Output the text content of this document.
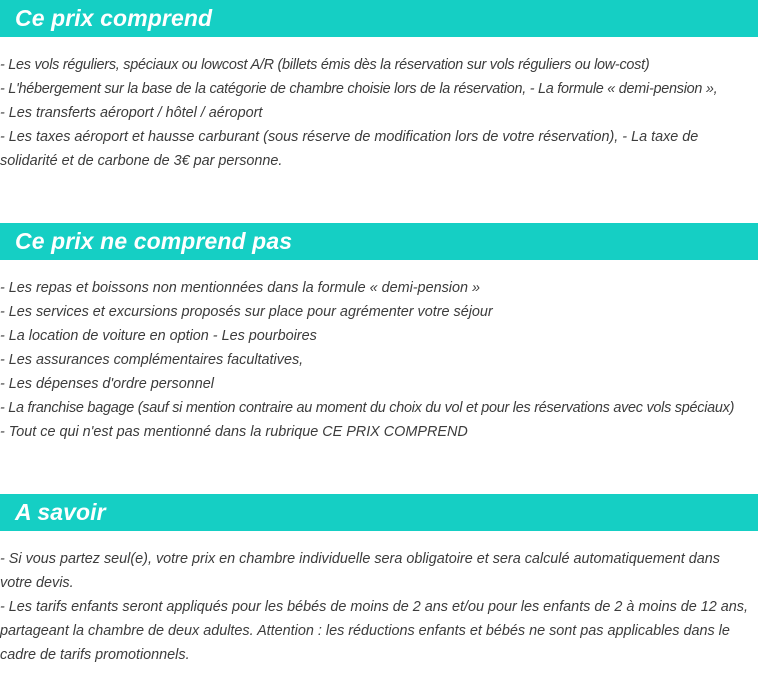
Ce prix comprend
- Les vols réguliers, spéciaux ou lowcost A/R (billets émis dès la réservation sur vols réguliers ou low-cost)
- L'hébergement sur la base de la catégorie de chambre choisie lors de la réservation, - La formule « demi-pension »,
- Les transferts aéroport / hôtel / aéroport
- Les taxes aéroport et hausse carburant (sous réserve de modification lors de votre réservation), - La taxe de solidarité et de carbone de 3€ par personne.
Ce prix ne comprend pas
- Les repas et boissons non mentionnées dans la formule « demi-pension »
- Les services et excursions proposés sur place pour agrémenter votre séjour
- La location de voiture en option - Les pourboires
- Les assurances complémentaires facultatives,
- Les dépenses d'ordre personnel
- La franchise bagage (sauf si mention contraire au moment du choix du vol et pour les réservations avec vols spéciaux)
- Tout ce qui n'est pas mentionné dans la rubrique CE PRIX COMPREND
A savoir
- Si vous partez seul(e), votre prix en chambre individuelle sera obligatoire et sera calculé automatiquement dans votre devis.
- Les tarifs enfants seront appliqués pour les bébés de moins de 2 ans et/ou pour les enfants de 2 à moins de 12 ans, partageant la chambre de deux adultes. Attention : les réductions enfants et bébés ne sont pas applicables dans le cadre de tarifs promotionnels.
